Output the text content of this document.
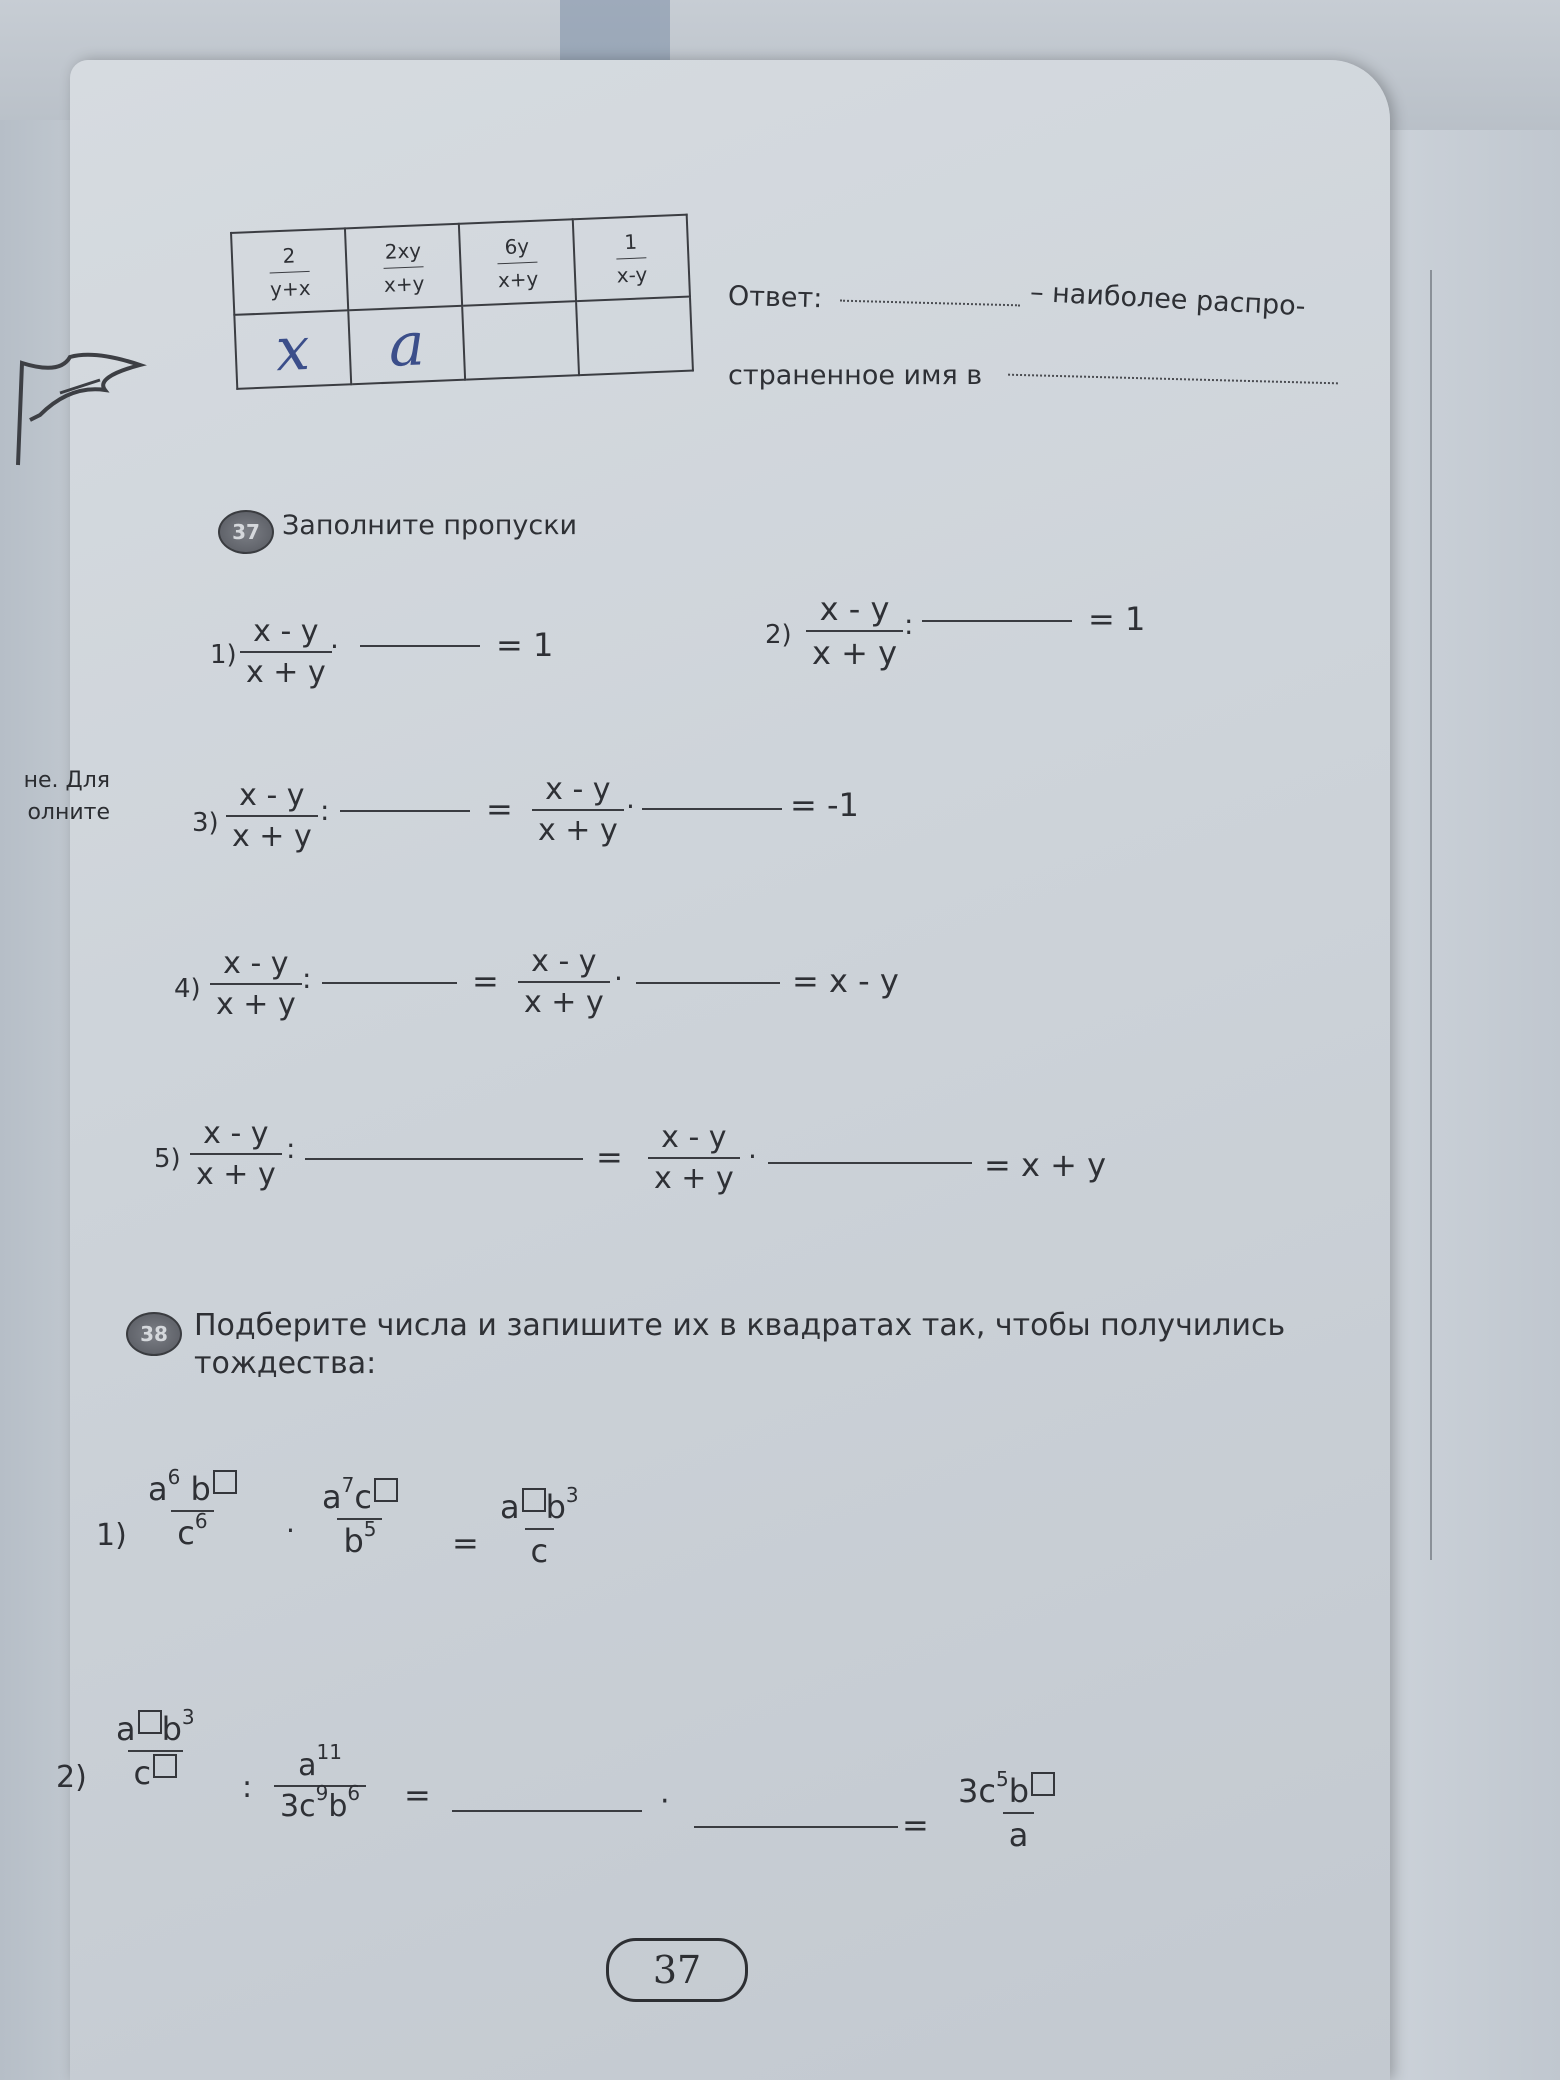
не. Для
олните
$\frac{2}{y+x}$	$\frac{2xy}{x+y}$	$\frac{6y}{x+y}$	$\frac{1}{x-y}$

x	a		
Ответ:	– наиболее распро-
страненное имя в
37 Заполните пропуски
$1) \frac{x - y}{x + y}$
·	= 1	$2) \frac{x - y}{x + y}$ :	= 1
$3) \frac{x - y}{x + y}$ :	= $\frac{x - y}{x + y}$ ·	= -1
$4) \frac{x - y}{x + y}$ :	= $\frac{x - y}{x + y}$ ·	= x - y
$5) \frac{x - y}{x + y}$ :	= $\frac{x - y}{x + y}$ ·	= x + y
38 Подберите числа и запишите их в квадратах так, чтобы получились
тождества:
$1) \frac{a^6 b}{c^6} \cdot \frac{a^7c}{b^5} = \frac{a b^3}{c}$
$2) \frac{a b^3}{c}$ : $\frac{a^{11}}{3c^9b^6}$ =	·
= $\frac{3c^5b}{a}$
37
